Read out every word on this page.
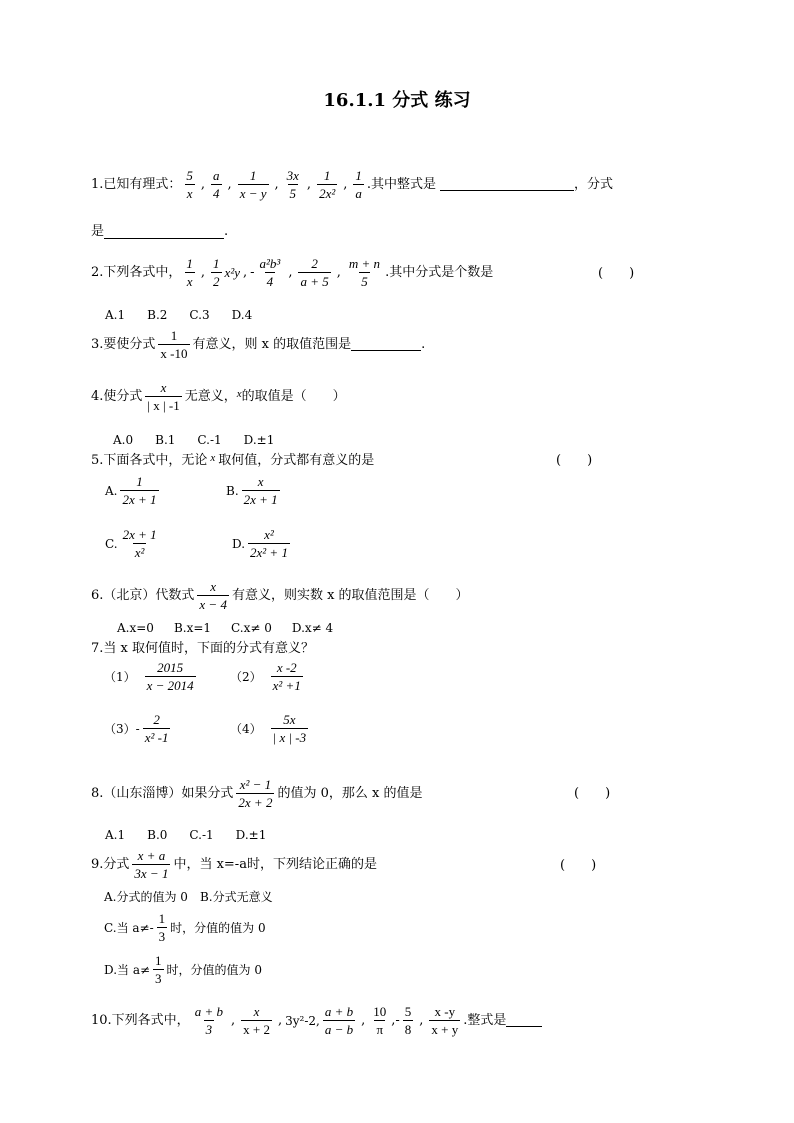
16.1.1 分式 练习
1.已知有理式： $\frac{5}{x}$ , $\frac{a}{4}$ , $\frac{1}{x - y}$ , $\frac{3x}{5}$ , $\frac{1}{\text{2x²}}$ , $\frac{1}{a}$ .其中整式是	，分式
是	.
2.下列各式中， $\frac{1}{x}$ , $\frac{1}{2} x^2y$ , - $\frac{\text{a²b³}}{4}$ , $\frac{2}{a + 5}$ , $\frac{m + n}{5}$ .其中分式是个数是	(　　)
A.1 B.2 C.3 D.4
3.要使分式 $\frac{1}{x -10}$ 有意义，则 x 的取值范围是	.
4.使分式 $\frac{x}{| x | -1}$ 无意义， x 的取值是（　　）
A.0 B.1 C.-1 D.±1
5.下面各式中，无论 x 取何值，分式都有意义的是	(　　)
A. $\frac{1}{2x + 1}$	B. $\frac{x}{2x + 1}$
C. $\frac{2x + 1}{\text{x²}}$	D. $\frac{\text{x²}}{\text{2x² + 1}}$
6.（北京）代数式 $\frac{x}{x - 4}$ 有意义，则实数 x 的取值范围是（　　）
A.x=0 B.x=1 C.x≠ 0 D.x≠ 4
7.当 x 取何值时，下面的分式有意义？
$(1) \frac{2015}{x - 2014}$	$(2) \frac{x -2}{\text{x² +1}}$
$(3)- \frac{2}{\text{x² -1}}$	$(4) \frac{5x}{| x | -3}$
8.（山东淄博）如果分式 $\frac{\text{x² − 1}}{2x + 2}$ 的值为 0，那么 x 的值是	(　　)
A.1 B.0 C.-1 D.±1
9.分式 $\frac{x + a}{3x - 1}$ 中，当 x=-a时，下列结论正确的是	(　　)
A.分式的值为 0 B.分式无意义
C.当 $a\ne- \frac{1}{3}$ 时，分值的值为 0
D.当 $a\ne \frac{1}{3}$ 时，分值的值为 0
10.下列各式中， $\frac{a + b}{3}$ , $\frac{x}{x + 2}$ , 3y²-2, $\frac{a + b}{a - b}$ , $\frac{10}{\pi}$ ,- $\frac{5}{8}$ , $\frac{x -y}{x + y}$ .整式是
